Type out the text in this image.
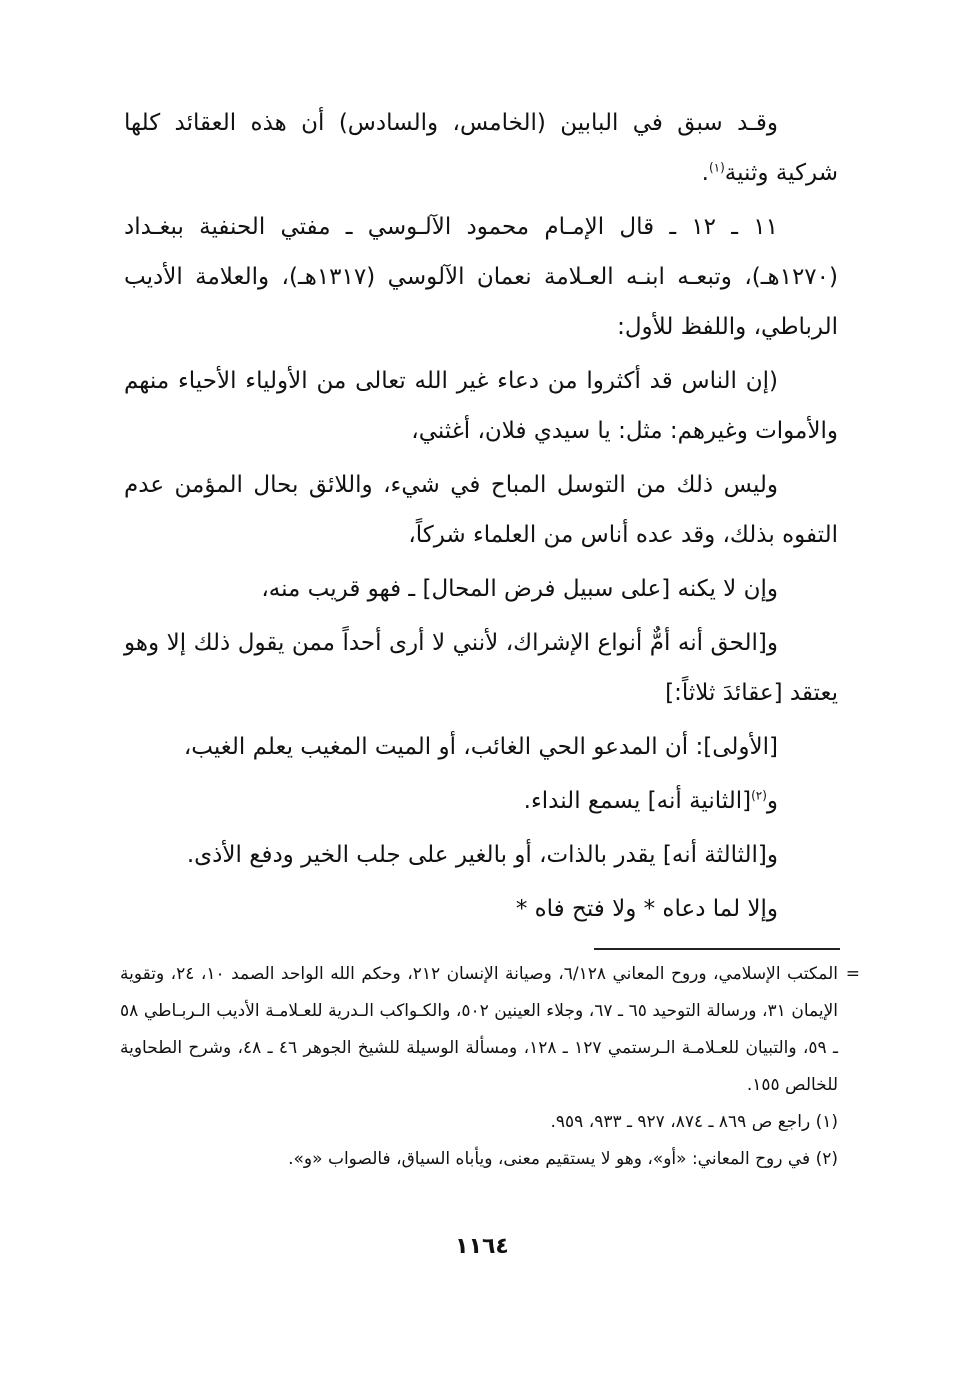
وقـد سبق في البابين (الخامس، والسادس) أن هذه العقائد كلها شركية وثنية$^{(١)}$.

١١ ـ ١٢ ـ قال الإمـام محمود الآلـوسي ـ مفتي الحنفية ببغـداد (١٢٧٠هـ)، وتبعـه ابنـه العـلامة نعمان الآلوسي (١٣١٧هـ)، والعلامة الأديب الرباطي، واللفظ للأول:

(إن الناس قد أكثروا من دعاء غير الله تعالى من الأولياء الأحياء منهم والأموات وغيرهم: مثل: يا سيدي فلان، أغثني،

وليس ذلك من التوسل المباح في شيء، واللائق بحال المؤمن عدم التفوه بذلك، وقد عده أناس من العلماء شركاً،

وإن لا يكنه [على سبيل فرض المحال] ـ فهو قريب منه،

و[الحق أنه أمٌّ أنواع الإشراك، لأنني لا أرى أحداً ممن يقول ذلك إلا وهو يعتقد [عقائدَ ثلاثاً:]

[الأولى]: أن المدعو الحي الغائب، أو الميت المغيب يعلم الغيب،

و$^{(٢)}$[الثانية أنه] يسمع النداء.

و[الثالثة أنه] يقدر بالذات، أو بالغير على جلب الخير ودفع الأذى.

وإلا لما دعاه * ولا فتح فاه *

=
المكتب الإسلامي، وروح المعاني ٦/١٢٨، وصيانة الإنسان ٢١٢، وحكم الله الواحد الصمد ١٠، ٢٤، وتقوية الإيمان ٣١، ورسالة التوحيد ٦٥ ـ ٦٧، وجلاء العينين ٥٠٢، والكـواكب الـدرية للعـلامـة الأديب الـربـاطي ٥٨ ـ ٥٩، والتبيان للعـلامـة الـرستمي ١٢٧ ـ ١٢٨، ومسألة الوسيلة للشيخ الجوهر ٤٦ ـ ٤٨، وشرح الطحاوية للخالص ١٥٥.

(١) راجع ص ٨٦٩ ـ ٨٧٤، ٩٢٧ ـ ٩٣٣، ٩٥٩.

(٢) في روح المعاني: «أو»، وهو لا يستقيم معنى، ويأباه السياق، فالصواب «و».

١١٦٤
